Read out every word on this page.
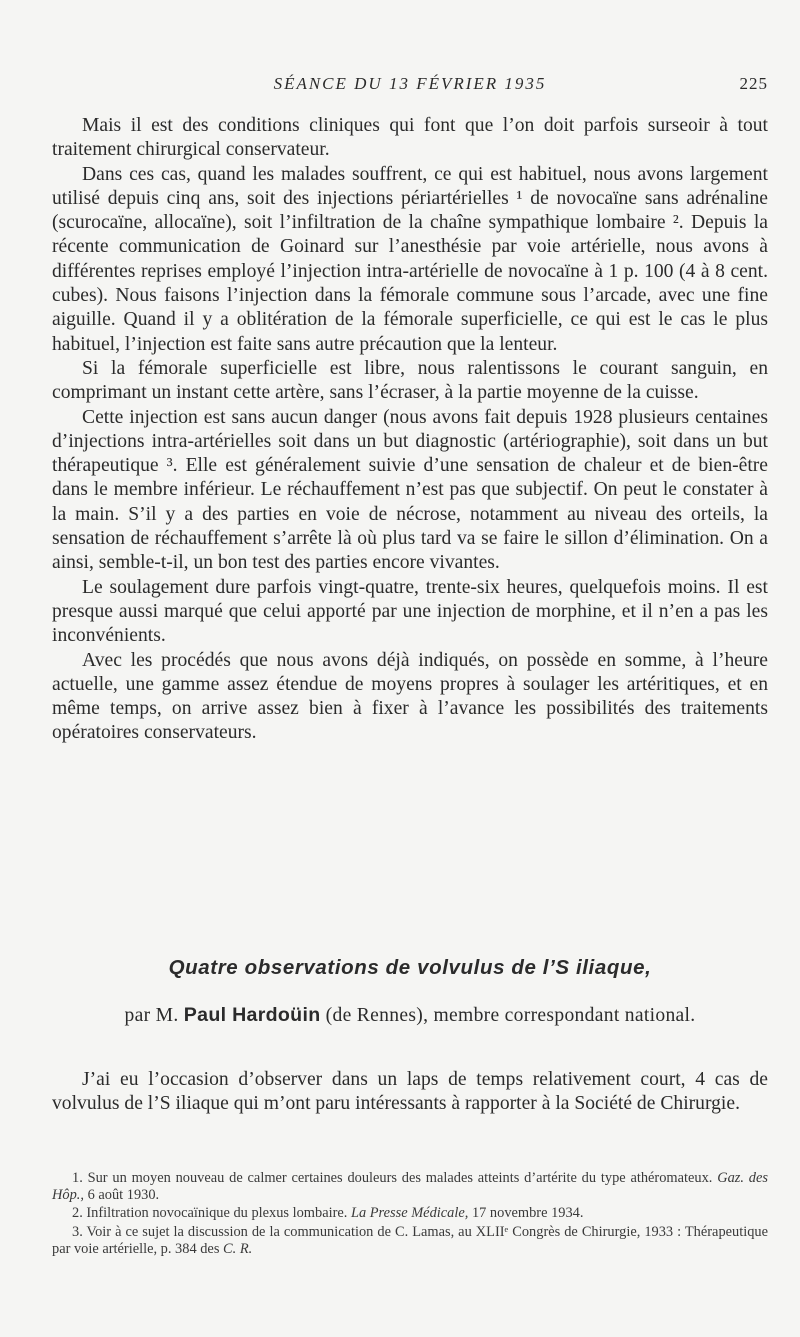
SÉANCE DU 13 FÉVRIER 1935	225

Mais il est des conditions cliniques qui font que l’on doit parfois surseoir à tout traitement chirurgical conservateur.

Dans ces cas, quand les malades souffrent, ce qui est habituel, nous avons largement utilisé depuis cinq ans, soit des injections périartérielles ¹ de novocaïne sans adrénaline (scurocaïne, allocaïne), soit l’infiltration de la chaîne sympathique lombaire ². Depuis la récente communication de Goinard sur l’anesthésie par voie artérielle, nous avons à différentes reprises employé l’injection intra-artérielle de novocaïne à 1 p. 100 (4 à 8 cent. cubes). Nous faisons l’injection dans la fémorale commune sous l’arcade, avec une fine aiguille. Quand il y a oblitération de la fémorale superficielle, ce qui est le cas le plus habituel, l’injection est faite sans autre précaution que la lenteur.

Si la fémorale superficielle est libre, nous ralentissons le courant sanguin, en comprimant un instant cette artère, sans l’écraser, à la partie moyenne de la cuisse.

Cette injection est sans aucun danger (nous avons fait depuis 1928 plusieurs centaines d’injections intra-artérielles soit dans un but diagnostic (artériographie), soit dans un but thérapeutique ³. Elle est généralement suivie d’une sensation de chaleur et de bien-être dans le membre inférieur. Le réchauffement n’est pas que subjectif. On peut le constater à la main. S’il y a des parties en voie de nécrose, notamment au niveau des orteils, la sensation de réchauffement s’arrête là où plus tard va se faire le sillon d’élimination. On a ainsi, semble-t-il, un bon test des parties encore vivantes.

Le soulagement dure parfois vingt-quatre, trente-six heures, quelquefois moins. Il est presque aussi marqué que celui apporté par une injection de morphine, et il n’en a pas les inconvénients.

Avec les procédés que nous avons déjà indiqués, on possède en somme, à l’heure actuelle, une gamme assez étendue de moyens propres à soulager les artéritiques, et en même temps, on arrive assez bien à fixer à l’avance les possibilités des traitements opératoires conservateurs.

Quatre observations de volvulus de l’S iliaque,
par M. Paul Hardoüin (de Rennes), membre correspondant national.

J’ai eu l’occasion d’observer dans un laps de temps relativement court, 4 cas de volvulus de l’S iliaque qui m’ont paru intéressants à rapporter à la Société de Chirurgie.

1. Sur un moyen nouveau de calmer certaines douleurs des malades atteints d’artérite du type athéromateux. Gaz. des Hôp., 6 août 1930.

2. Infiltration novocaïnique du plexus lombaire. La Presse Médicale, 17 novembre 1934.

3. Voir à ce sujet la discussion de la communication de C. Lamas, au XLIIᵉ Congrès de Chirurgie, 1933 : Thérapeutique par voie artérielle, p. 384 des C. R.
